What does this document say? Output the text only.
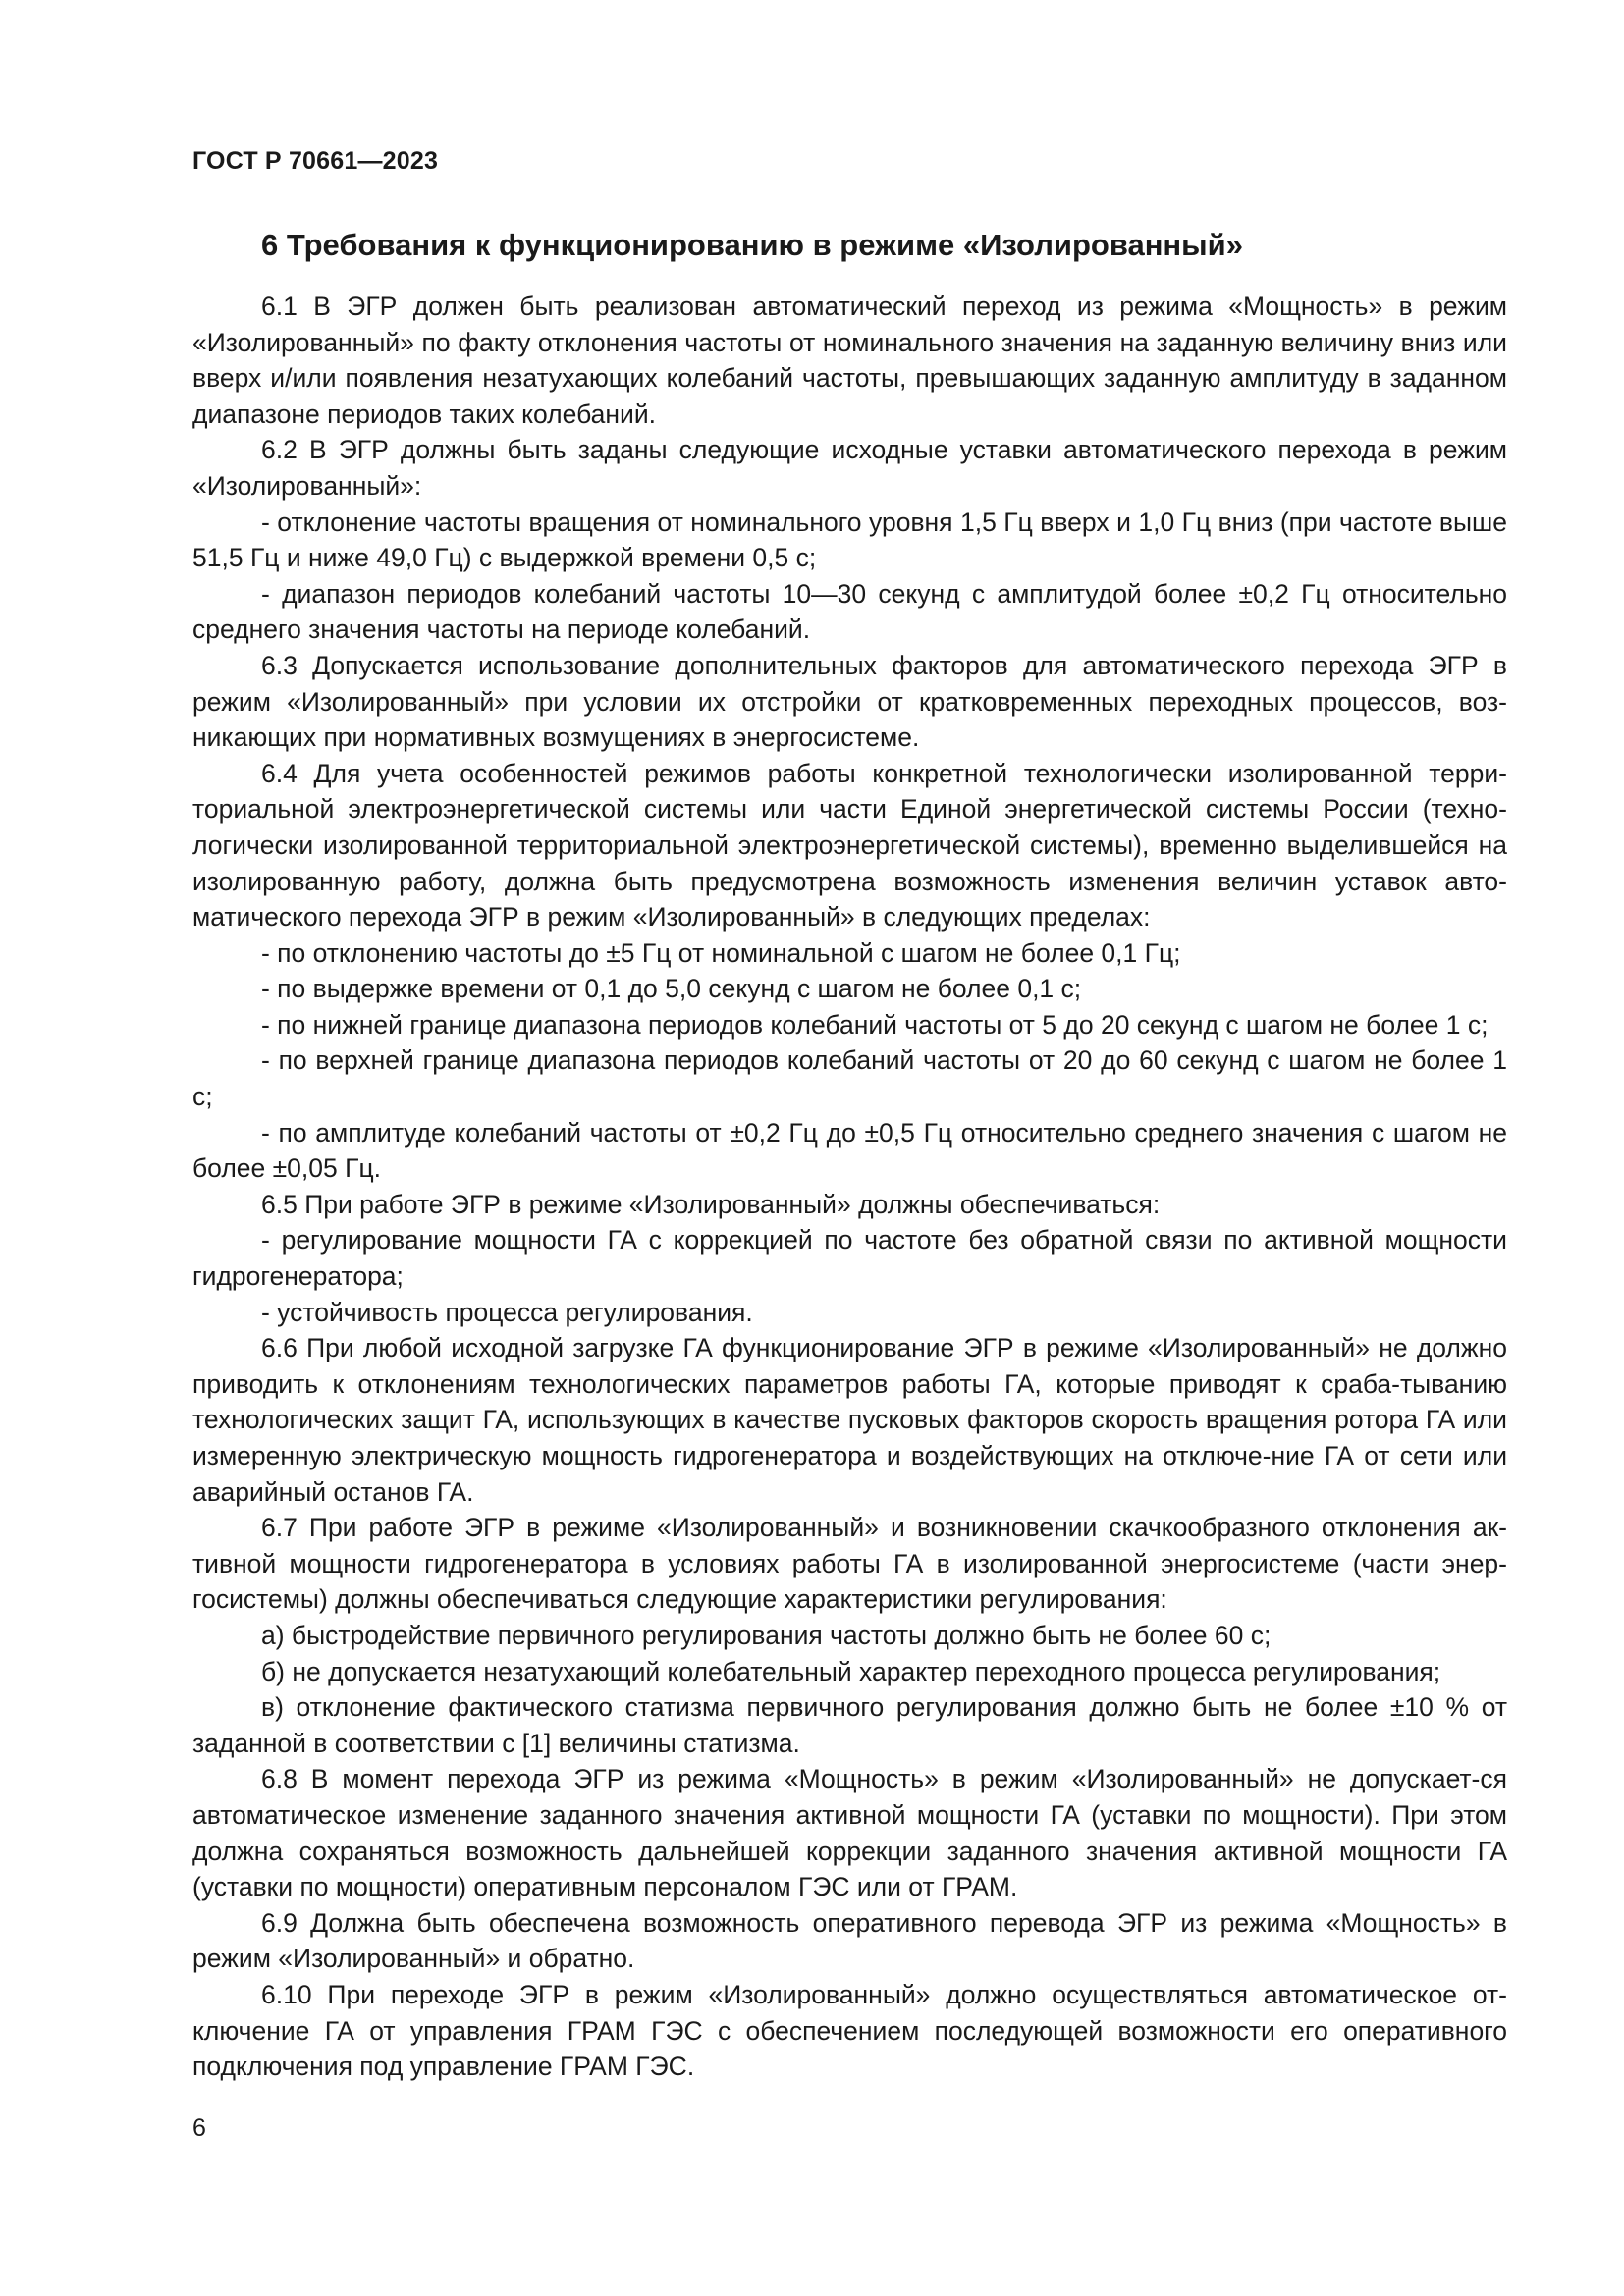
ГОСТ Р 70661—2023
6 Требования к функционированию в режиме «Изолированный»

6.1 В ЭГР должен быть реализован автоматический переход из режима «Мощность» в режим «Изолированный» по факту отклонения частоты от номинального значения на заданную величину вниз или вверх и/или появления незатухающих колебаний частоты, превышающих заданную амплитуду в заданном диапазоне периодов таких колебаний.

6.2 В ЭГР должны быть заданы следующие исходные уставки автоматического перехода в режим «Изолированный»:

- отклонение частоты вращения от номинального уровня 1,5 Гц вверх и 1,0 Гц вниз (при частоте выше 51,5 Гц и ниже 49,0 Гц) с выдержкой времени 0,5 с;

- диапазон периодов колебаний частоты 10—30 секунд с амплитудой более ±0,2 Гц относительно среднего значения частоты на периоде колебаний.

6.3 Допускается использование дополнительных факторов для автоматического перехода ЭГР в режим «Изолированный» при условии их отстройки от кратковременных переходных процессов, воз-никающих при нормативных возмущениях в энергосистеме.

6.4 Для учета особенностей режимов работы конкретной технологически изолированной терри-ториальной электроэнергетической системы или части Единой энергетической системы России (техно-логически изолированной территориальной электроэнергетической системы), временно выделившейся на изолированную работу, должна быть предусмотрена возможность изменения величин уставок авто-матического перехода ЭГР в режим «Изолированный» в следующих пределах:

- по отклонению частоты до ±5 Гц от номинальной с шагом не более 0,1 Гц;

- по выдержке времени от 0,1 до 5,0 секунд с шагом не более 0,1 с;

- по нижней границе диапазона периодов колебаний частоты от 5 до 20 секунд с шагом не более 1 с;

- по верхней границе диапазона периодов колебаний частоты от 20 до 60 секунд с шагом не более 1 с;

- по амплитуде колебаний частоты от ±0,2 Гц до ±0,5 Гц относительно среднего значения с шагом не более ±0,05 Гц.

6.5 При работе ЭГР в режиме «Изолированный» должны обеспечиваться:

- регулирование мощности ГА с коррекцией по частоте без обратной связи по активной мощности гидрогенератора;

- устойчивость процесса регулирования.

6.6 При любой исходной загрузке ГА функционирование ЭГР в режиме «Изолированный» не должно приводить к отклонениям технологических параметров работы ГА, которые приводят к сраба-тыванию технологических защит ГА, использующих в качестве пусковых факторов скорость вращения ротора ГА или измеренную электрическую мощность гидрогенератора и воздействующих на отключе-ние ГА от сети или аварийный останов ГА.

6.7 При работе ЭГР в режиме «Изолированный» и возникновении скачкообразного отклонения ак-тивной мощности гидрогенератора в условиях работы ГА в изолированной энергосистеме (части энер-госистемы) должны обеспечиваться следующие характеристики регулирования:

а) быстродействие первичного регулирования частоты должно быть не более 60 с;

б) не допускается незатухающий колебательный характер переходного процесса регулирования;

в) отклонение фактического статизма первичного регулирования должно быть не более ±10 % от заданной в соответствии с [1] величины статизма.

6.8 В момент перехода ЭГР из режима «Мощность» в режим «Изолированный» не допускает-ся автоматическое изменение заданного значения активной мощности ГА (уставки по мощности). При этом должна сохраняться возможность дальнейшей коррекции заданного значения активной мощности ГА (уставки по мощности) оперативным персоналом ГЭС или от ГРАМ.

6.9 Должна быть обеспечена возможность оперативного перевода ЭГР из режима «Мощность» в режим «Изолированный» и обратно.

6.10 При переходе ЭГР в режим «Изолированный» должно осуществляться автоматическое от-ключение ГА от управления ГРАМ ГЭС с обеспечением последующей возможности его оперативного подключения под управление ГРАМ ГЭС.

6
